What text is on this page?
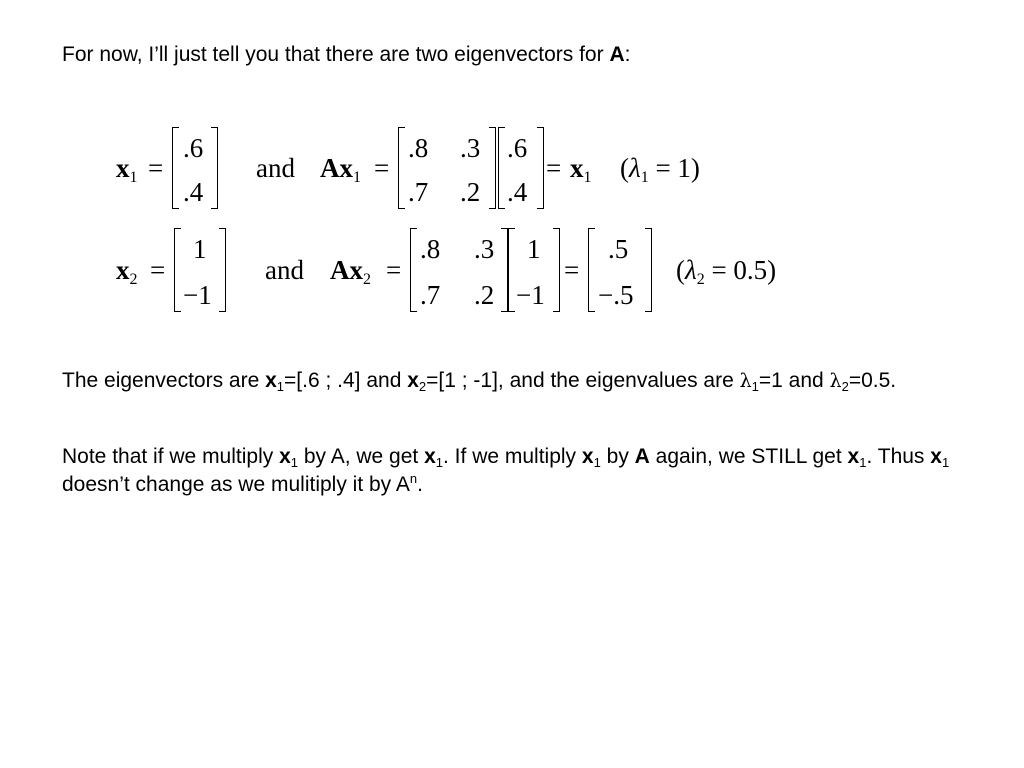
For now, I’ll just tell you that there are two eigenvectors for A:
$x_1$ =
.6
.4
and $Ax_1$ =
.8 .3
.7 .2
.6
.4
= $x_1$ $(\lambda_1 = 1)$
$x_2$ =
1
−1
and $Ax_2$ =
.8 .3
.7 .2
1
−1
=
.5
−.5
$(\lambda_2 = 0.5)$
The eigenvectors are $x_1=[.6$ ; .4] and $x_2=[1$ ; -1], and the eigenvalues are $\lambda_1=1$ and $\lambda_2=0.5$.
Note that if we multiply $x_1$ by A, we get $x_1$. If we multiply $x_1$ by A again, we STILL get $x_1$. Thus $x_1$ doesn’t change as we mulitiply it by $A^n$.
